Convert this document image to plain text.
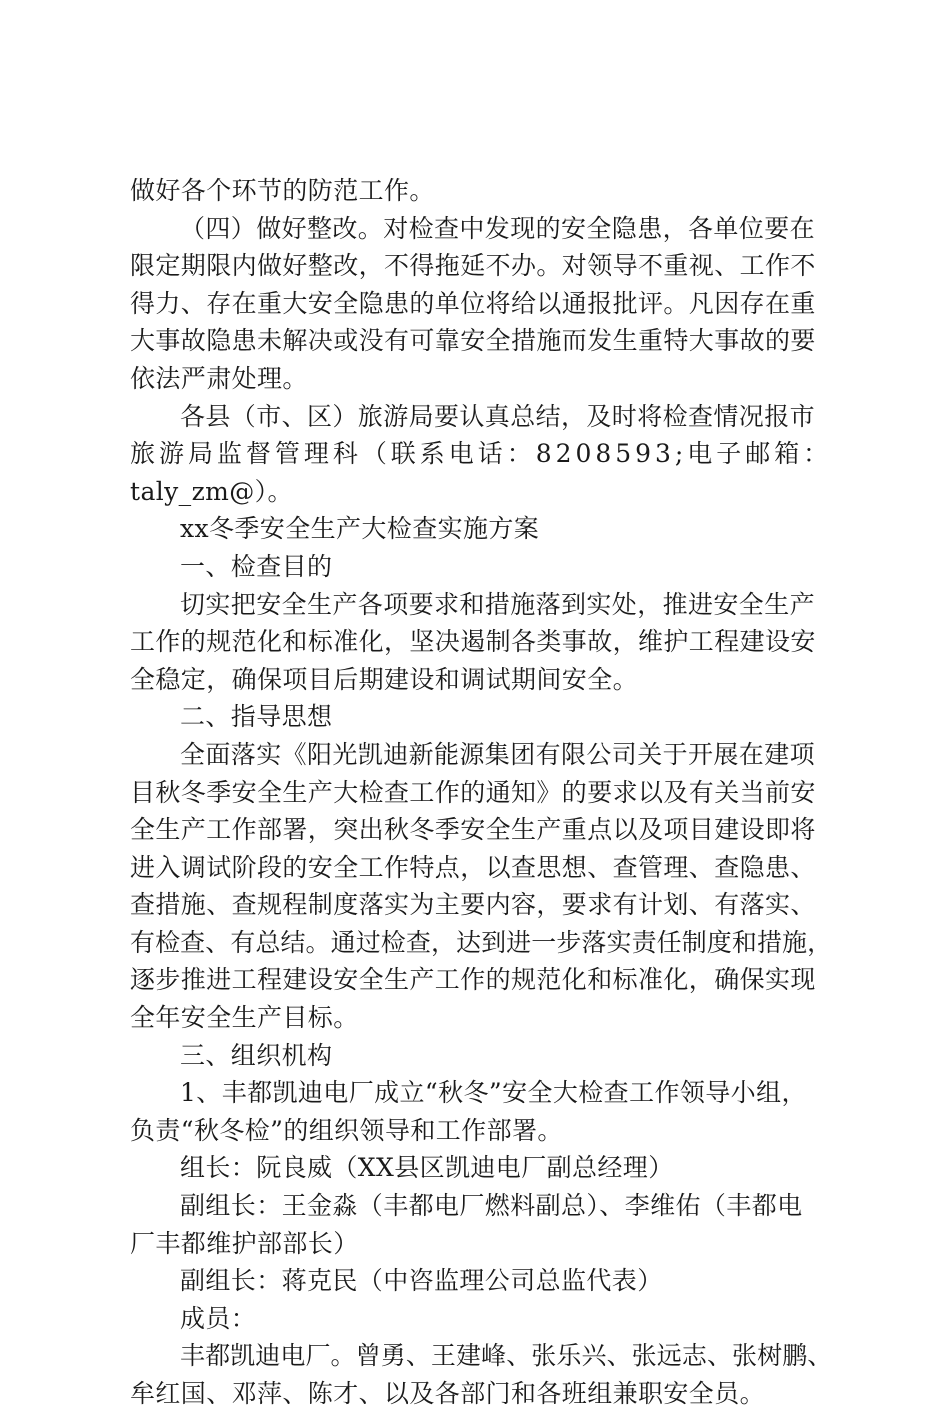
做好各个环节的防范工作。
（四）做好整改。对检查中发现的安全隐患，各单位要在
限定期限内做好整改，不得拖延不办。对领导不重视、工作不
得力、存在重大安全隐患的单位将给以通报批评。凡因存在重
大事故隐患未解决或没有可靠安全措施而发生重特大事故的要
依法严肃处理。
各县（市、区）旅游局要认真总结，及时将检查情况报市
旅游局监督管理科（联系电话：8208593;电子邮箱：
taly_zm@）。
xx冬季安全生产大检查实施方案
一、检查目的
切实把安全生产各项要求和措施落到实处，推进安全生产
工作的规范化和标准化，坚决遏制各类事故，维护工程建设安
全稳定，确保项目后期建设和调试期间安全。
二、指导思想
全面落实《阳光凯迪新能源集团有限公司关于开展在建项
目秋冬季安全生产大检查工作的通知》的要求以及有关当前安
全生产工作部署，突出秋冬季安全生产重点以及项目建设即将
进入调试阶段的安全工作特点，以查思想、查管理、查隐患、
查措施、查规程制度落实为主要内容，要求有计划、有落实、
有检查、有总结。通过检查，达到进一步落实责任制度和措施，
逐步推进工程建设安全生产工作的规范化和标准化，确保实现
全年安全生产目标。
三、组织机构
1、丰都凯迪电厂成立“秋冬”安全大检查工作领导小组，
负责“秋冬检”的组织领导和工作部署。
组长：阮良威（XX县区凯迪电厂副总经理）
副组长：王金淼（丰都电厂燃料副总）、李维佑（丰都电
厂丰都维护部部长）
副组长：蒋克民（中咨监理公司总监代表）
成员：
丰都凯迪电厂。曾勇、王建峰、张乐兴、张远志、张树鹏、
牟红国、邓萍、陈才、以及各部门和各班组兼职安全员。
